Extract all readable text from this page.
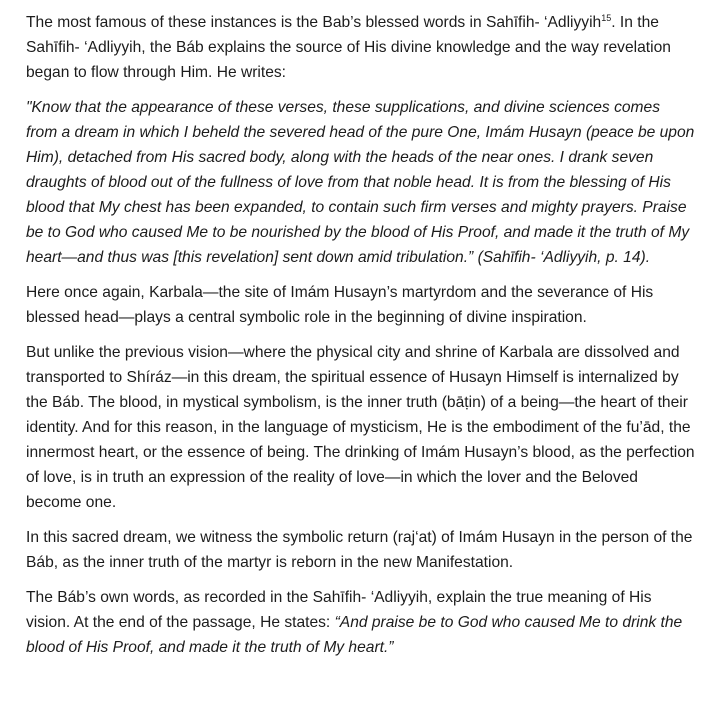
The most famous of these instances is the Bab’s blessed words in Sahīfih- ‘Adliyyih$^{15}$. In the Sahīfih- ‘Adliyyih, the Báb explains the source of His divine knowledge and the way revelation began to flow through Him. He writes:

"Know that the appearance of these verses, these supplications, and divine sciences comes from a dream in which I beheld the severed head of the pure One, Imám Husayn (peace be upon Him), detached from His sacred body, along with the heads of the near ones. I drank seven draughts of blood out of the fullness of love from that noble head. It is from the blessing of His blood that My chest has been expanded, to contain such firm verses and mighty prayers. Praise be to God who caused Me to be nourished by the blood of His Proof, and made it the truth of My heart—and thus was [this revelation] sent down amid tribulation.” (Sahīfih- ‘Adliyyih, p. 14).

Here once again, Karbala—the site of Imám Husayn’s martyrdom and the severance of His blessed head—plays a central symbolic role in the beginning of divine inspiration.

But unlike the previous vision—where the physical city and shrine of Karbala are dissolved and transported to Shíráz—in this dream, the spiritual essence of Husayn Himself is internalized by the Báb. The blood, in mystical symbolism, is the inner truth (bāṭin) of a being—the heart of their identity. And for this reason, in the language of mysticism, He is the embodiment of the fu’ād, the innermost heart, or the essence of being. The drinking of Imám Husayn’s blood, as the perfection of love, is in truth an expression of the reality of love—in which the lover and the Beloved become one.

In this sacred dream, we witness the symbolic return (raj‘at) of Imám Husayn in the person of the Báb, as the inner truth of the martyr is reborn in the new Manifestation.

The Báb’s own words, as recorded in the Sahīfih- ‘Adliyyih, explain the true meaning of His vision. At the end of the passage, He states: “And praise be to God who caused Me to drink the blood of His Proof, and made it the truth of My heart.”
